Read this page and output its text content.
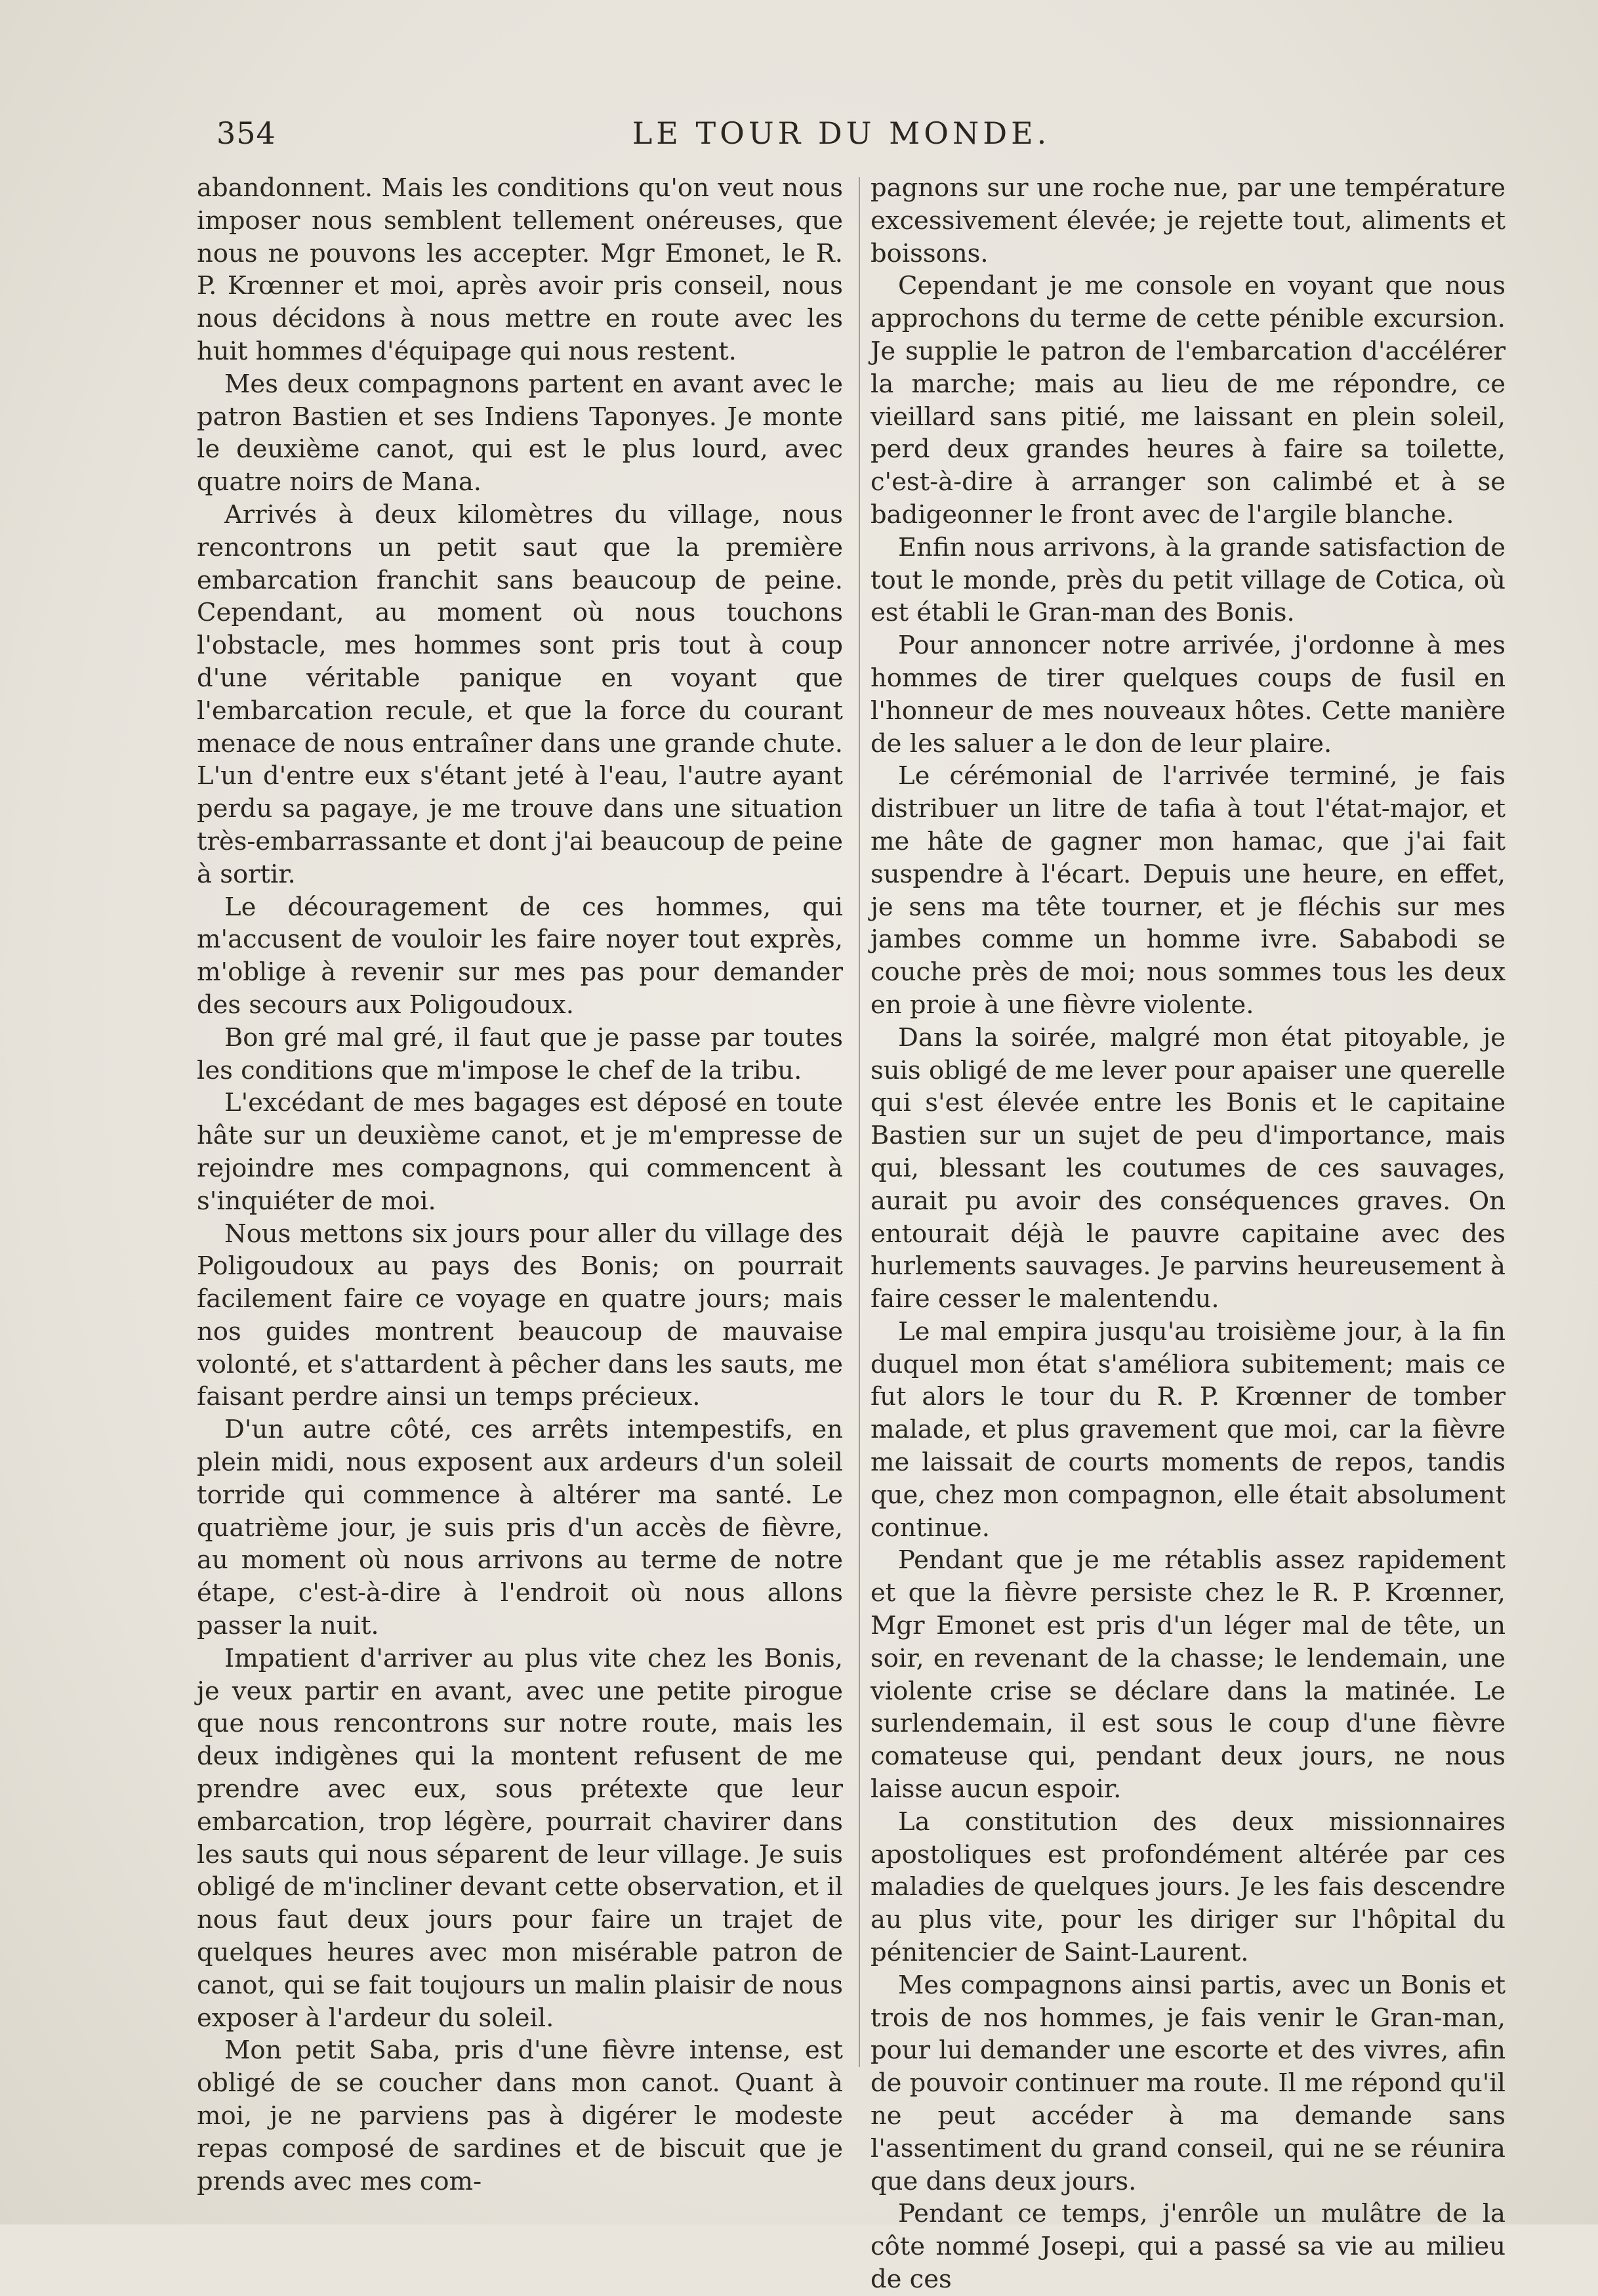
354	LE TOUR DU MONDE.

abandonnent. Mais les conditions qu'on veut nous imposer nous semblent tellement onéreuses, que nous ne pouvons les accepter. Mgr Emonet, le R. P. Krœnner et moi, après avoir pris conseil, nous nous décidons à nous mettre en route avec les huit hommes d'équipage qui nous restent.

Mes deux compagnons partent en avant avec le patron Bastien et ses Indiens Taponyes. Je monte le deuxième canot, qui est le plus lourd, avec quatre noirs de Mana.

Arrivés à deux kilomètres du village, nous rencontrons un petit saut que la première embarcation franchit sans beaucoup de peine. Cependant, au moment où nous touchons l'obstacle, mes hommes sont pris tout à coup d'une véritable panique en voyant que l'embarcation recule, et que la force du courant menace de nous entraîner dans une grande chute. L'un d'entre eux s'étant jeté à l'eau, l'autre ayant perdu sa pagaye, je me trouve dans une situation très-embarrassante et dont j'ai beaucoup de peine à sortir.

Le découragement de ces hommes, qui m'accusent de vouloir les faire noyer tout exprès, m'oblige à revenir sur mes pas pour demander des secours aux Poligoudoux.

Bon gré mal gré, il faut que je passe par toutes les conditions que m'impose le chef de la tribu.

L'excédant de mes bagages est déposé en toute hâte sur un deuxième canot, et je m'empresse de rejoindre mes compagnons, qui commencent à s'inquiéter de moi.

Nous mettons six jours pour aller du village des Poligoudoux au pays des Bonis; on pourrait facilement faire ce voyage en quatre jours; mais nos guides montrent beaucoup de mauvaise volonté, et s'attardent à pêcher dans les sauts, me faisant perdre ainsi un temps précieux.

D'un autre côté, ces arrêts intempestifs, en plein midi, nous exposent aux ardeurs d'un soleil torride qui commence à altérer ma santé. Le quatrième jour, je suis pris d'un accès de fièvre, au moment où nous arrivons au terme de notre étape, c'est-à-dire à l'endroit où nous allons passer la nuit.

Impatient d'arriver au plus vite chez les Bonis, je veux partir en avant, avec une petite pirogue que nous rencontrons sur notre route, mais les deux indigènes qui la montent refusent de me prendre avec eux, sous prétexte que leur embarcation, trop légère, pourrait chavirer dans les sauts qui nous séparent de leur village. Je suis obligé de m'incliner devant cette observation, et il nous faut deux jours pour faire un trajet de quelques heures avec mon misérable patron de canot, qui se fait toujours un malin plaisir de nous exposer à l'ardeur du soleil.

Mon petit Saba, pris d'une fièvre intense, est obligé de se coucher dans mon canot. Quant à moi, je ne parviens pas à digérer le modeste repas composé de sardines et de biscuit que je prends avec mes com-

pagnons sur une roche nue, par une température excessivement élevée; je rejette tout, aliments et boissons.

Cependant je me console en voyant que nous approchons du terme de cette pénible excursion. Je supplie le patron de l'embarcation d'accélérer la marche; mais au lieu de me répondre, ce vieillard sans pitié, me laissant en plein soleil, perd deux grandes heures à faire sa toilette, c'est-à-dire à arranger son calimbé et à se badigeonner le front avec de l'argile blanche.

Enfin nous arrivons, à la grande satisfaction de tout le monde, près du petit village de Cotica, où est établi le Gran-man des Bonis.

Pour annoncer notre arrivée, j'ordonne à mes hommes de tirer quelques coups de fusil en l'honneur de mes nouveaux hôtes. Cette manière de les saluer a le don de leur plaire.

Le cérémonial de l'arrivée terminé, je fais distribuer un litre de tafia à tout l'état-major, et me hâte de gagner mon hamac, que j'ai fait suspendre à l'écart. Depuis une heure, en effet, je sens ma tête tourner, et je fléchis sur mes jambes comme un homme ivre. Sababodi se couche près de moi; nous sommes tous les deux en proie à une fièvre violente.

Dans la soirée, malgré mon état pitoyable, je suis obligé de me lever pour apaiser une querelle qui s'est élevée entre les Bonis et le capitaine Bastien sur un sujet de peu d'importance, mais qui, blessant les coutumes de ces sauvages, aurait pu avoir des conséquences graves. On entourait déjà le pauvre capitaine avec des hurlements sauvages. Je parvins heureusement à faire cesser le malentendu.

Le mal empira jusqu'au troisième jour, à la fin duquel mon état s'améliora subitement; mais ce fut alors le tour du R. P. Krœnner de tomber malade, et plus gravement que moi, car la fièvre me laissait de courts moments de repos, tandis que, chez mon compagnon, elle était absolument continue.

Pendant que je me rétablis assez rapidement et que la fièvre persiste chez le R. P. Krœnner, Mgr Emonet est pris d'un léger mal de tête, un soir, en revenant de la chasse; le lendemain, une violente crise se déclare dans la matinée. Le surlendemain, il est sous le coup d'une fièvre comateuse qui, pendant deux jours, ne nous laisse aucun espoir.

La constitution des deux missionnaires apostoliques est profondément altérée par ces maladies de quelques jours. Je les fais descendre au plus vite, pour les diriger sur l'hôpital du pénitencier de Saint-Laurent.

Mes compagnons ainsi partis, avec un Bonis et trois de nos hommes, je fais venir le Gran-man, pour lui demander une escorte et des vivres, afin de pouvoir continuer ma route. Il me répond qu'il ne peut accéder à ma demande sans l'assentiment du grand conseil, qui ne se réunira que dans deux jours.

Pendant ce temps, j'enrôle un mulâtre de la côte nommé Josepi, qui a passé sa vie au milieu de ces
